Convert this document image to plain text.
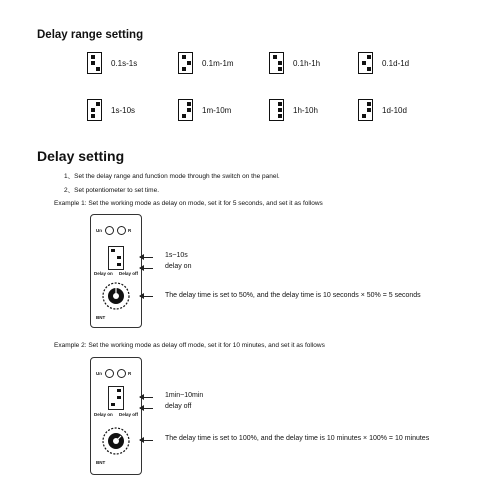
Delay range setting
0.1s-1s	0.1m-1m	0.1h-1h	0.1d-1d
1s-10s	1m-10m	1h-10h	1d-10d
Delay setting
1、Set the delay range and function mode through the switch on the panel.
2、Set potentiometer to set time.
Example 1: Set the working mode as delay on mode, set it for 5 seconds, and set it as follows
Un	R
Delay on Delay off
BNT
1s~10s
delay on
The delay time is set to 50%, and the delay time is 10 seconds × 50% = 5 seconds
Example 2: Set the working mode as delay off mode, set it for 10 minutes, and set it as follows
Un	R
Delay on Delay off
BNT
1min~10min
delay off
The delay time is set to 100%, and the delay time is 10 minutes × 100% = 10 minutes
